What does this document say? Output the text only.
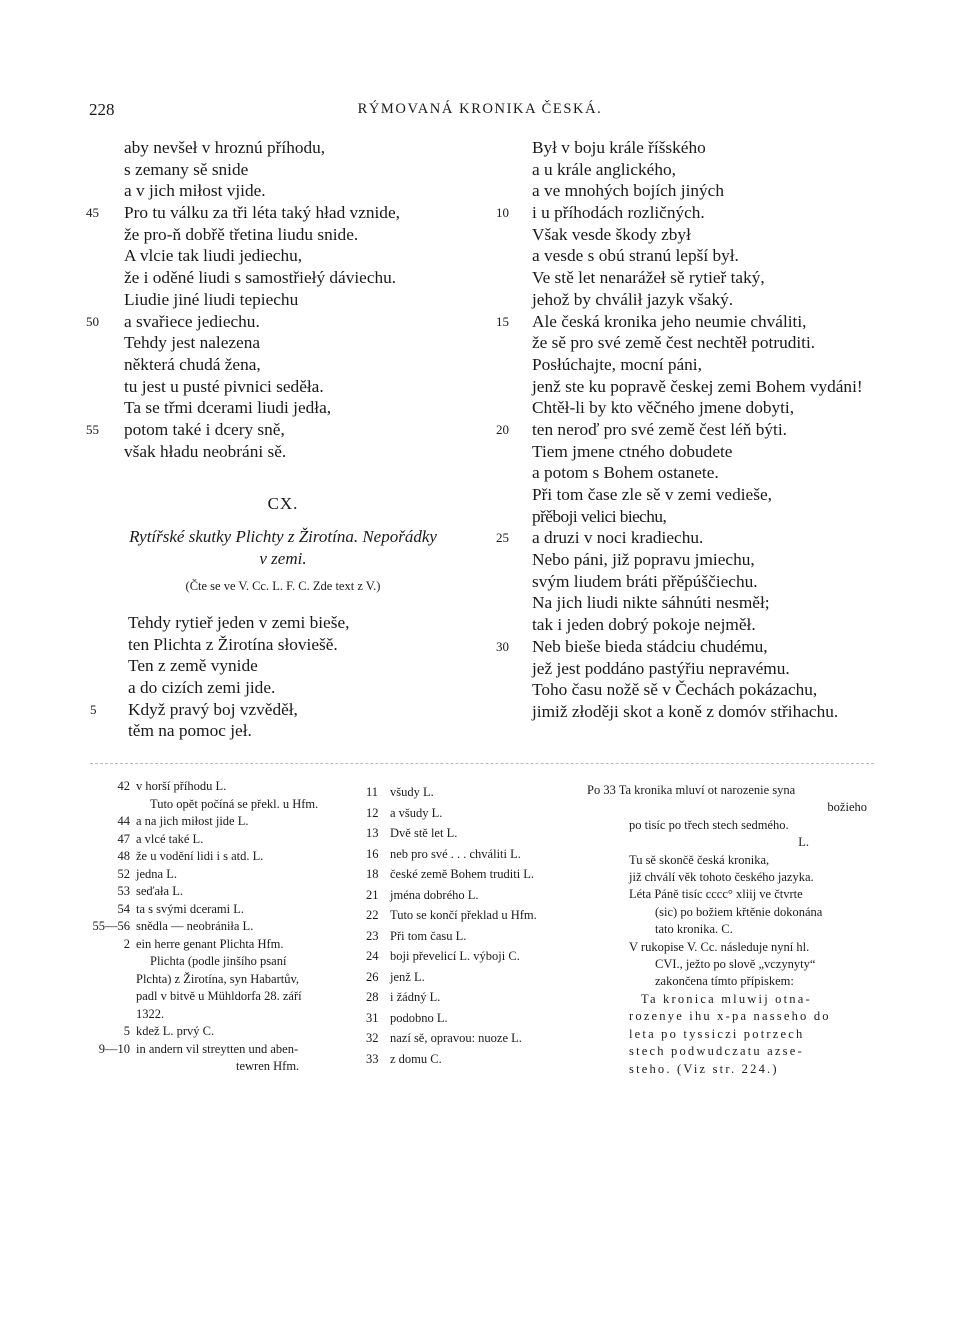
228	RÝMOVANÁ KRONIKA ČESKÁ.
aby nevšeł v hroznú příhodu,
s zemany sě snide
a v jich miłost vjide.
45 Pro tu válku za tři léta taký hład vznide,
že pro-ň dobřě třetina liudu snide.
A vlcie tak liudi jediechu,
že i oděné liudi s samostřiełý dáviechu.
Liudie jiné liudi tepiechu
50 a svařiece jediechu.
Tehdy jest nalezena
některá chudá žena,
tu jest u pusté pivnici seděła.
Ta se třmi dcerami liudi jedła,
55 potom také i dcery sně,
však hładu neobráni sě.
CX.
Rytířské skutky Plichty z Žirotína. Nepořádky
v zemi.
(Čte se ve V. Cc. L. F. C. Zde text z V.)
Tehdy rytieř jeden v zemi bieše,
ten Plichta z Žirotína słoviešě.
Ten z země vynide
a do cizích zemi jide.
5 Když pravý boj vzvěděł,
těm na pomoc jeł.
Był v boju krále říšského
a u krále anglického,
a ve mnohých bojích jiných
10 i u příhodách rozličných.
Však vesde škody zbył
a vesde s obú stranú lepší był.
Ve stě let nenarážeł sě rytieř taký,
jehož by chválił jazyk všaký.
15 Ale česká kronika jeho neumie chváliti,
že sě pro své země čest nechtěł potruditi.
Posłúchajte, mocní páni,
jenž ste ku popravě českej zemi Bohem vydáni!
Chtěł-li by kto věčného jmene dobyti,
20 ten neroď pro své země čest léň býti.
Tiem jmene ctného dobudete
a potom s Bohem ostanete.
Při tom čase zle sě v zemi vedieše,
přěboji velici biechu,
25 a druzi v noci kradiechu.
Nebo páni, již popravu jmiechu,
svým liudem bráti přěpúščiechu.
Na jich liudi nikte sáhnúti nesměł;
tak i jeden dobrý pokoje nejměł.
30 Neb bieše bieda stádciu chudému,
jež jest poddáno pastýřiu nepravému.
Toho času nožě sě v Čechách pokázachu,
jimiž złoději skot a koně z domóv střihachu.
42 v horší příhodu L.
Tuto opět počíná se překl. u Hfm.
44 a na jich miłost jide L.
47 a vlcé také L.
48 že u vodění lidi i s atd. L.
52 jedna L.
53 seďała L.
54 ta s svými dcerami L.
55—56 snědla — neobrániła L.
2 ein herre genant Plichta Hfm.
Plichta (podle jinšího psaní
Plchta) z Žirotína, syn Habartův,
padl v bitvě u Mühldorfa 28. září
1322.
5 kdež L. prvý C.
9—10 in andern vil streytten und aben-
tewren Hfm.
11 všudy L.
12 a všudy L.
13 Dvě stě let L.
16 neb pro své . . . chváliti L.
18 české země Bohem truditi L.
21 jména dobrého L.
22 Tuto se končí překlad u Hfm.
23 Při tom času L.
24 boji převelicí L. výboji C.
26 jenž L.
28 i žádný L.
31 podobno L.
32 nazí sě, opravou: nuoze L.
33 z domu C.
Po 33 Ta kronika mluví ot narozenie syna
božieho
po tisíc po třech stech sedmého.
L.
Tu sě skončě česká kronika,
již chválí věk tohoto českého jazyka.
Léta Páně tisíc cccc° xliij ve čtvrte
(sic) po božiem křtěnie dokonána
tato kronika. C.
V rukopise V. Cc. následuje nyní hl.
CVI., ježto po slově „vczynyty“
zakončena tímto přípiskem:
Ta kronica mluwij otna-
rozenye ihu x-pa nasseho do
leta po tyssiczi potrzech
stech podwudczatu azse-
steho. (Viz str. 224.)
